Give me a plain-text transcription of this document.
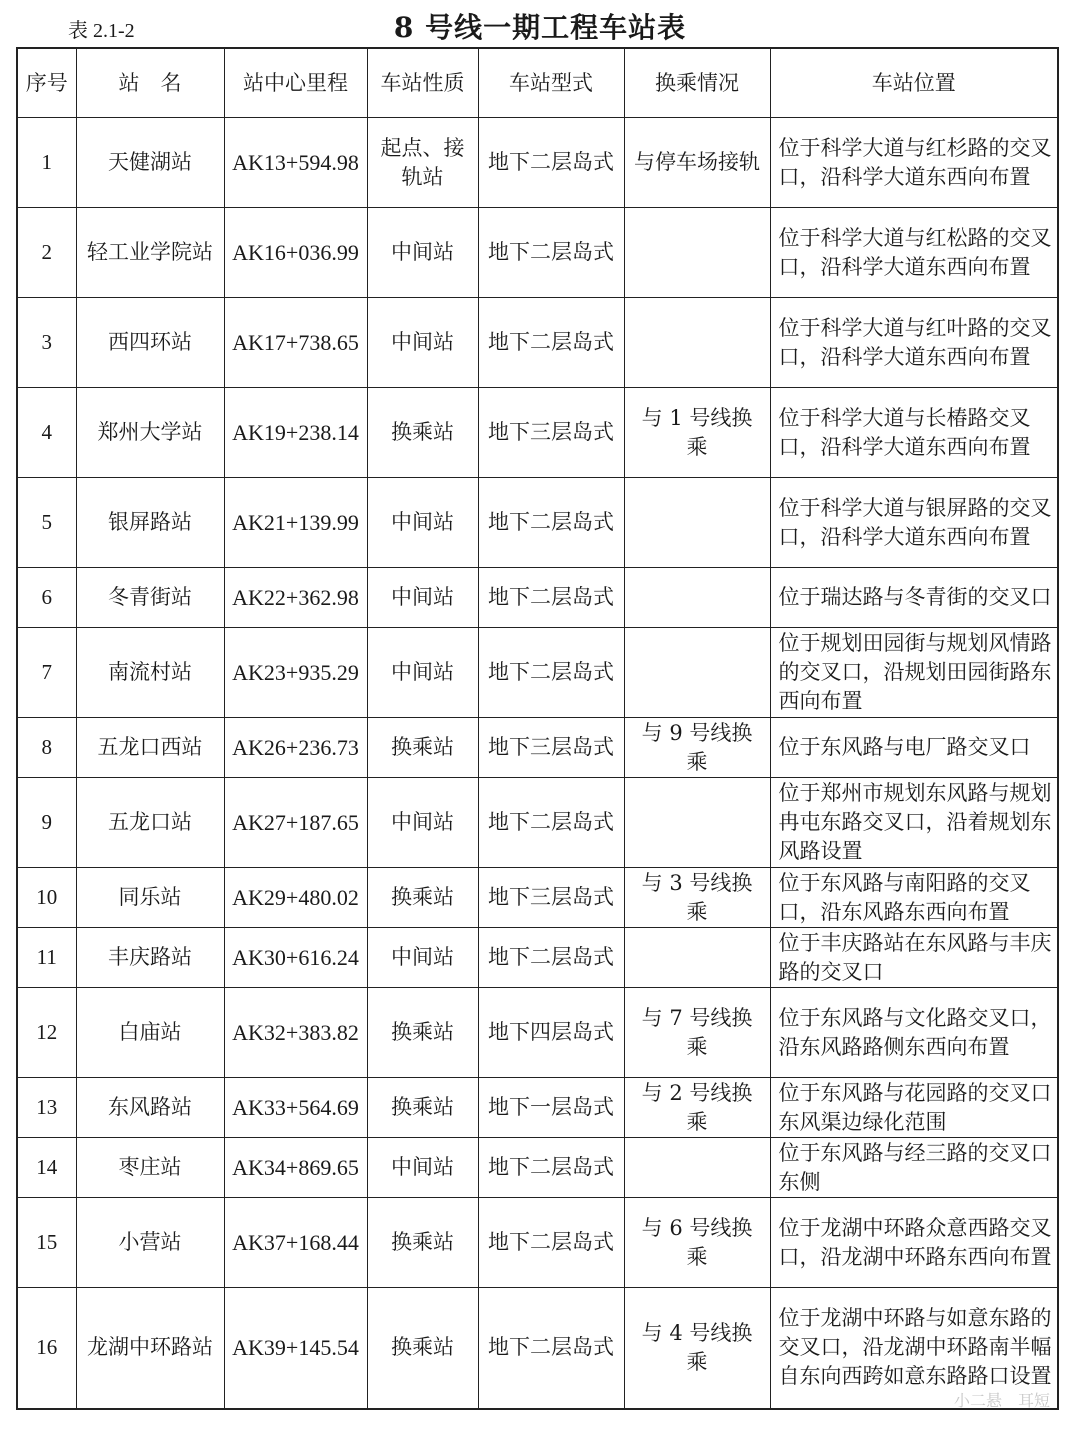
表 2.1-2	8 号线一期工程车站表
序号	站　名	站中心里程	车站性质	车站型式	换乘情况	车站位置
1	天健湖站	AK13+594.98	起点、接轨站	地下二层岛式	与停车场接轨	位于科学大道与红杉路的交叉口，沿科学大道东西向布置
2	轻工业学院站	AK16+036.99	中间站	地下二层岛式		位于科学大道与红松路的交叉口，沿科学大道东西向布置
3	西四环站	AK17+738.65	中间站	地下二层岛式		位于科学大道与红叶路的交叉口，沿科学大道东西向布置
4	郑州大学站	AK19+238.14	换乘站	地下三层岛式	与 1 号线换乘	位于科学大道与长椿路交叉口，沿科学大道东西向布置
5	银屏路站	AK21+139.99	中间站	地下二层岛式		位于科学大道与银屏路的交叉口，沿科学大道东西向布置
6	冬青街站	AK22+362.98	中间站	地下二层岛式		位于瑞达路与冬青街的交叉口
7	南流村站	AK23+935.29	中间站	地下二层岛式		位于规划田园街与规划风情路的交叉口，沿规划田园街路东西向布置
8	五龙口西站	AK26+236.73	换乘站	地下三层岛式	与 9 号线换乘	位于东风路与电厂路交叉口
9	五龙口站	AK27+187.65	中间站	地下二层岛式		位于郑州市规划东风路与规划冉屯东路交叉口，沿着规划东风路设置
10	同乐站	AK29+480.02	换乘站	地下三层岛式	与 3 号线换乘	位于东风路与南阳路的交叉口，沿东风路东西向布置
11	丰庆路站	AK30+616.24	中间站	地下二层岛式		位于丰庆路站在东风路与丰庆路的交叉口
12	白庙站	AK32+383.82	换乘站	地下四层岛式	与 7 号线换乘	位于东风路与文化路交叉口，沿东风路路侧东西向布置
13	东风路站	AK33+564.69	换乘站	地下一层岛式	与 2 号线换乘	位于东风路与花园路的交叉口东风渠边绿化范围
14	枣庄站	AK34+869.65	中间站	地下二层岛式		位于东风路与经三路的交叉口东侧
15	小营站	AK37+168.44	换乘站	地下二层岛式	与 6 号线换乘	位于龙湖中环路众意西路交叉口，沿龙湖中环路东西向布置
16	龙湖中环路站	AK39+145.54	换乘站	地下二层岛式	与 4 号线换乘	位于龙湖中环路与如意东路的交叉口，沿龙湖中环路南半幅自东向西跨如意东路路口设置
小二悬　耳短
